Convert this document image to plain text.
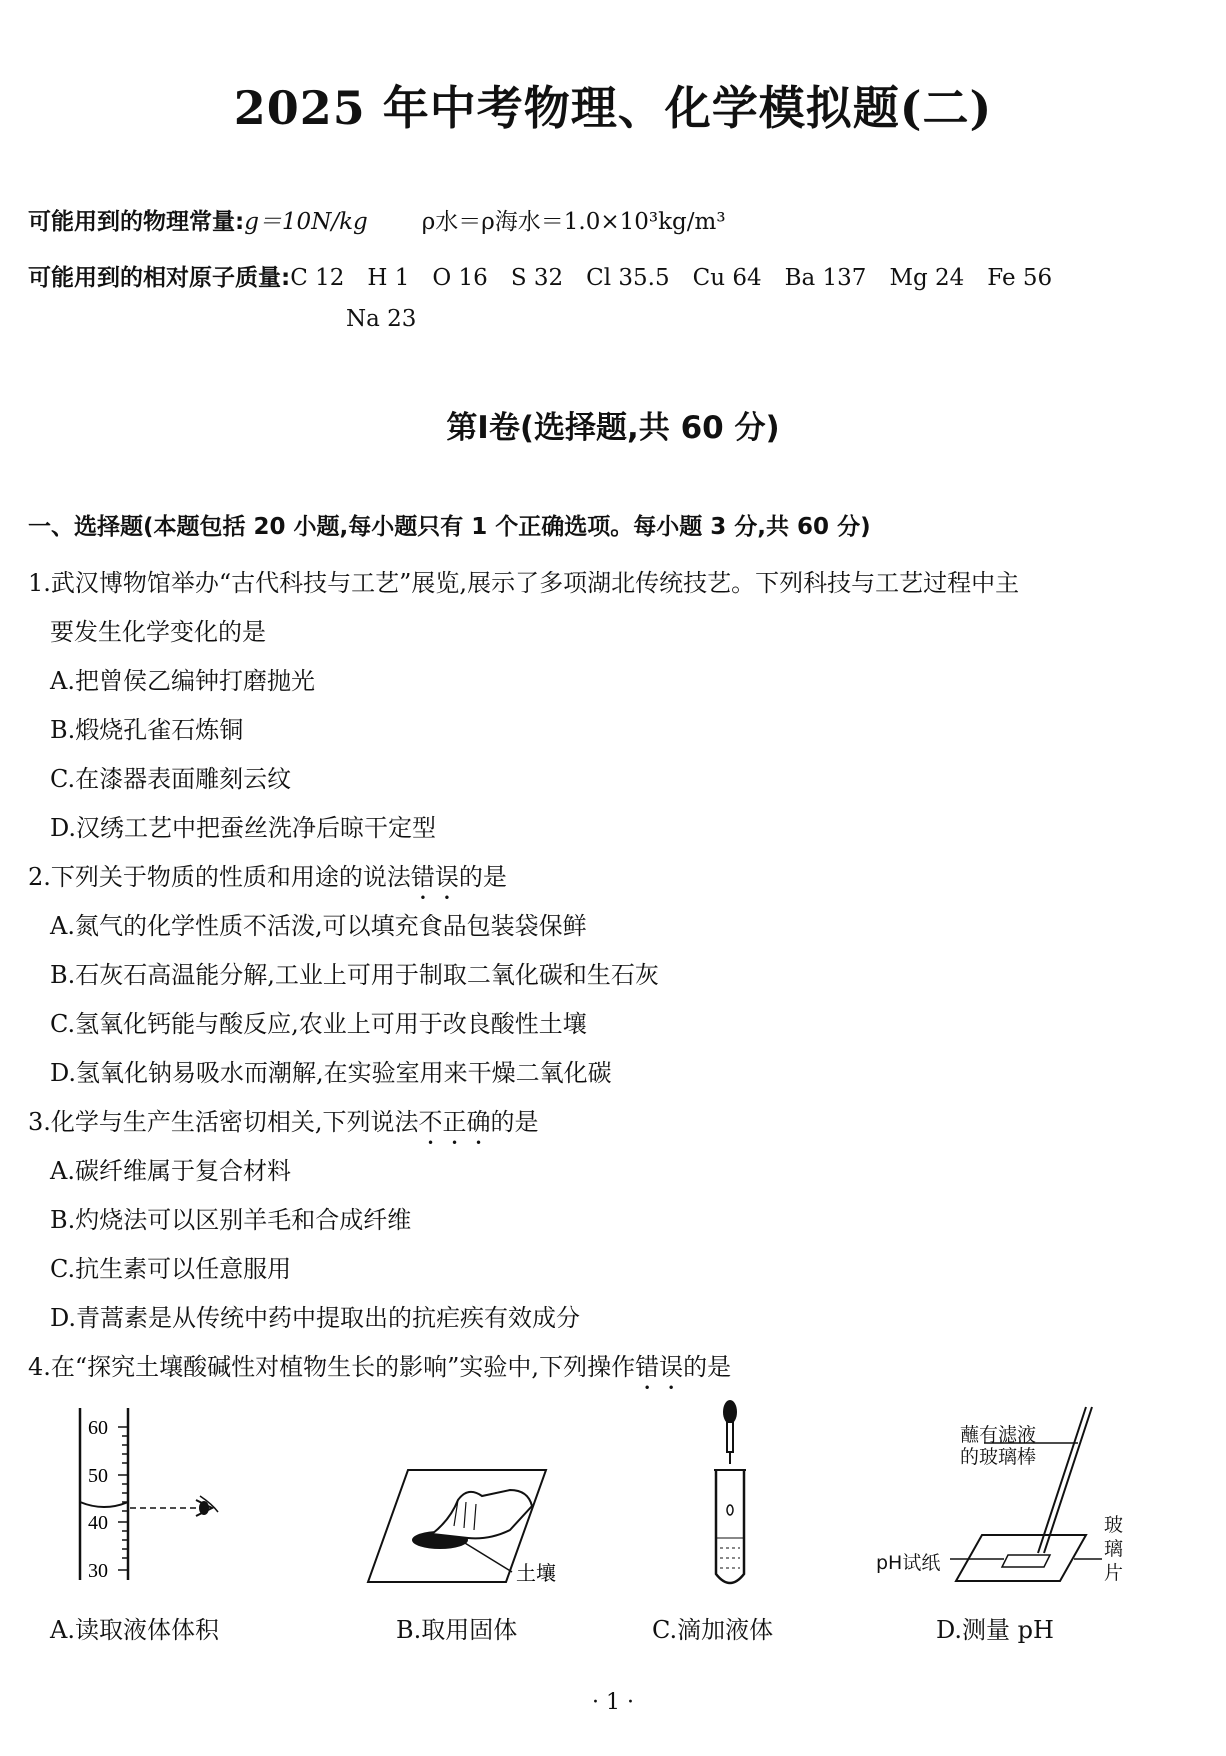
2025 年中考物理、化学模拟题(二)
可能用到的物理常量:g＝10N/kg ρ水＝ρ海水＝1.0×10³kg/m³
可能用到的相对原子质量:C 12　H 1　O 16　S 32　Cl 35.5　Cu 64　Ba 137　Mg 24　Fe 56
Na 23
第Ⅰ卷(选择题,共 60 分)
一、选择题(本题包括 20 小题,每小题只有 1 个正确选项。每小题 3 分,共 60 分)
1.武汉博物馆举办“古代科技与工艺”展览,展示了多项湖北传统技艺。下列科技与工艺过程中主
要发生化学变化的是
A.把曾侯乙编钟打磨抛光
B.煅烧孔雀石炼铜
C.在漆器表面雕刻云纹
D.汉绣工艺中把蚕丝洗净后晾干定型
2.下列关于物质的性质和用途的说法错误的是
A.氮气的化学性质不活泼,可以填充食品包装袋保鲜
B.石灰石高温能分解,工业上可用于制取二氧化碳和生石灰
C.氢氧化钙能与酸反应,农业上可用于改良酸性土壤
D.氢氧化钠易吸水而潮解,在实验室用来干燥二氧化碳
3.化学与生产生活密切相关,下列说法不正确的是
A.碳纤维属于复合材料
B.灼烧法可以区别羊毛和合成纤维
C.抗生素可以任意服用
D.青蒿素是从传统中药中提取出的抗疟疾有效成分
4.在“探究土壤酸碱性对植物生长的影响”实验中,下列操作错误的是
60
50
40
30
A.读取液体体积
土壤
B.取用固体	C.滴加液体
蘸有滤液
的玻璃棒
pH试纸
玻
璃
片
D.测量 pH
· 1 ·
